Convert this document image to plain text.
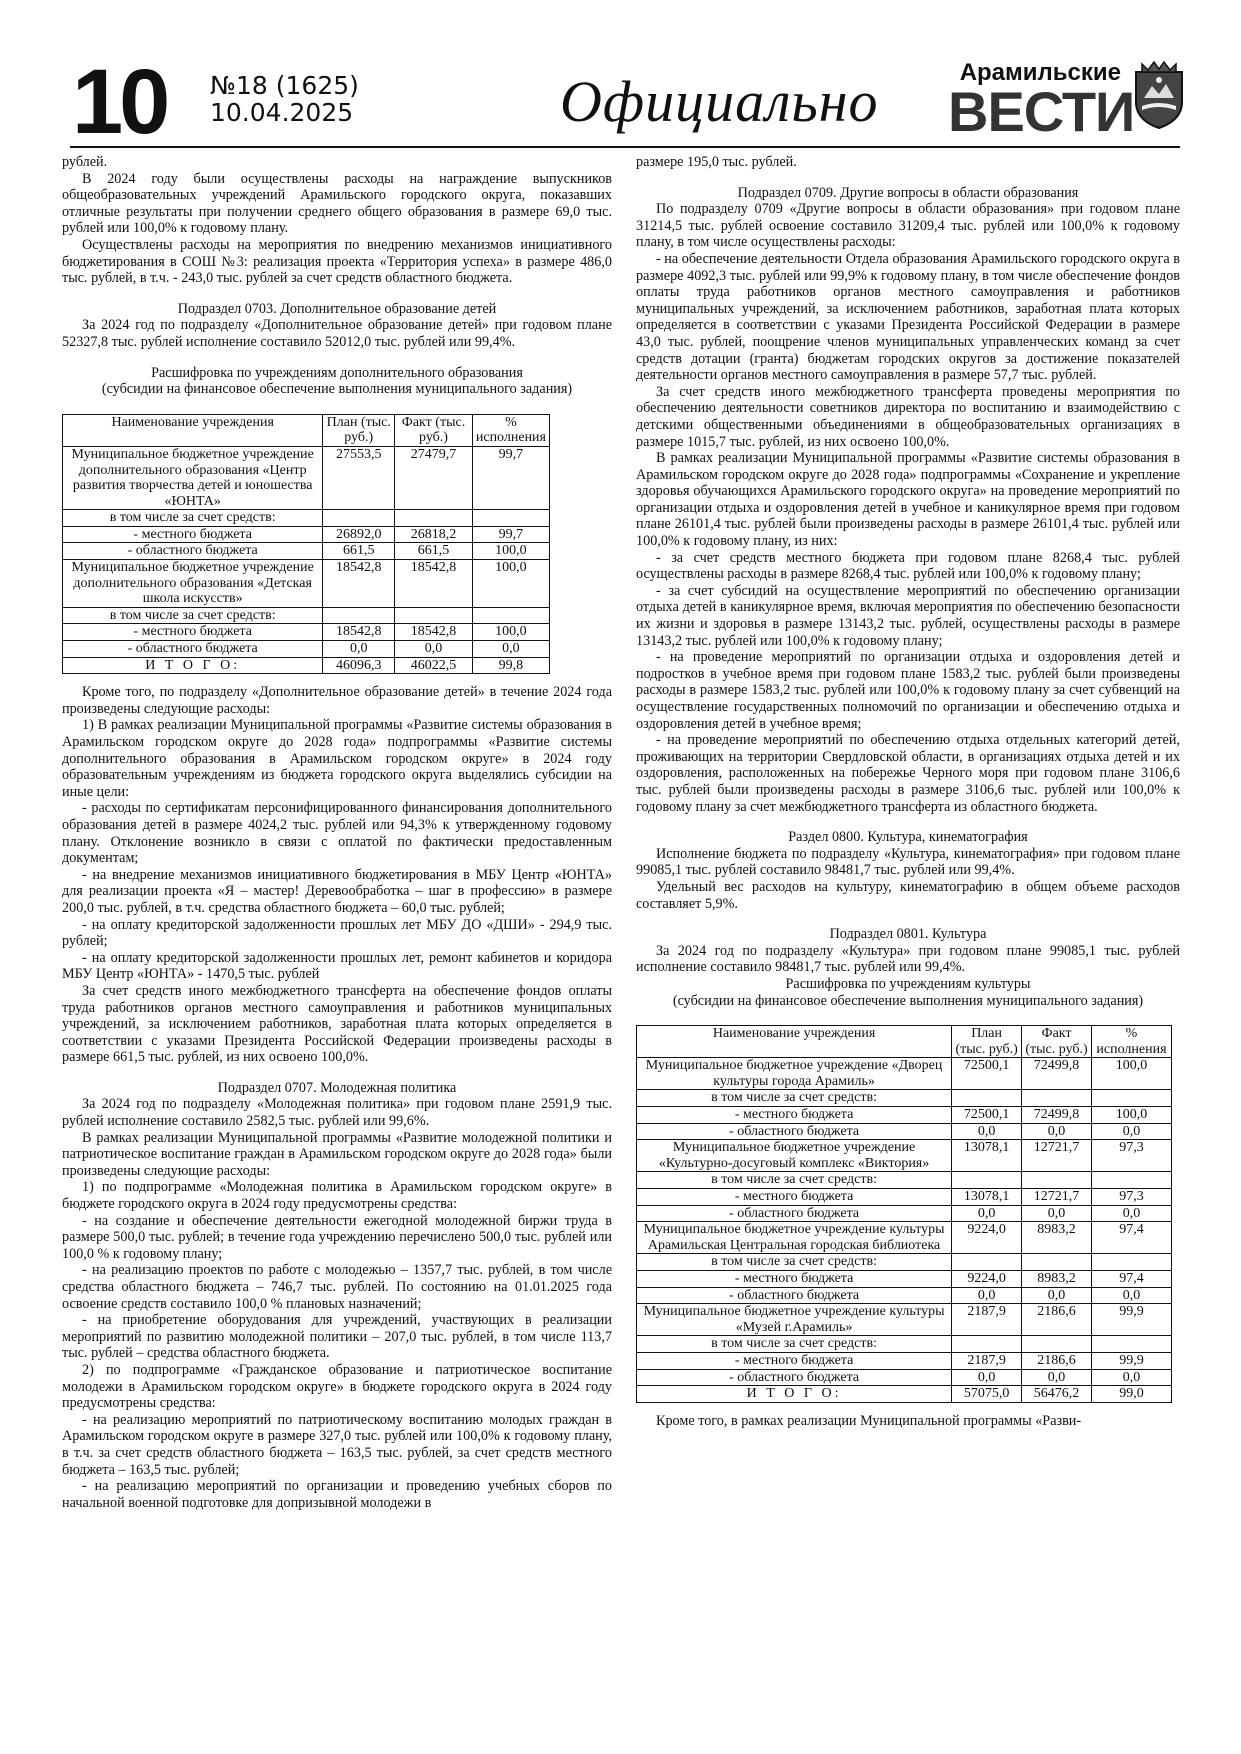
10 №18 (1625)
10.04.2025	Официально	Арамильские
ВЕСТИ

рублей.

В 2024 году были осуществлены расходы на награждение выпускников общеобразовательных учреждений Арамильского городского округа, показавших отличные результаты при получении среднего общего образования в размере 69,0 тыс. рублей или 100,0% к годовому плану.

Осуществлены расходы на мероприятия по внедрению механизмов инициативного бюджетирования в СОШ №3: реализация проекта «Территория успеха» в размере 486,0 тыс. рублей, в т.ч. - 243,0 тыс. рублей за счет средств областного бюджета.

Подраздел 0703. Дополнительное образование детей

За 2024 год по подразделу «Дополнительное образование детей» при годовом плане 52327,8 тыс. рублей исполнение составило 52012,0 тыс. рублей или 99,4%.

Расшифровка по учреждениям дополнительного образования

(субсидии на финансовое обеспечение выполнения муниципального задания)

Наименование учреждения	План (тыс. руб.)	Факт (тыс. руб.)	% исполнения
Муниципальное бюджетное учреждение дополнительного образования «Центр развития творчества детей и юношества «ЮНТА»	27553,5	27479,7	99,7
в том числе за счет средств:			
- местного бюджета	26892,0	26818,2	99,7
- областного бюджета	661,5	661,5	100,0
Муниципальное бюджетное учреждение дополнительного образования «Детская школа искусств»	18542,8	18542,8	100,0
в том числе за счет средств:			
- местного бюджета	18542,8	18542,8	100,0
- областного бюджета	0,0	0,0	0,0
И Т О Г О:	46096,3	46022,5	99,8

Кроме того, по подразделу «Дополнительное образование детей» в течение 2024 года произведены следующие расходы:

1) В рамках реализации Муниципальной программы «Развитие системы образования в Арамильском городском округе до 2028 года» подпрограммы «Развитие системы дополнительного образования в Арамильском городском округе» в 2024 году образовательным учреждениям из бюджета городского округа выделялись субсидии на иные цели:

- расходы по сертификатам персонифицированного финансирования дополнительного образования детей в размере 4024,2 тыс. рублей или 94,3% к утвержденному годовому плану. Отклонение возникло в связи с оплатой по фактически предоставленным документам;

- на внедрение механизмов инициативного бюджетирования в МБУ Центр «ЮНТА» для реализации проекта «Я – мастер! Деревообработка – шаг в профессию» в размере 200,0 тыс. рублей, в т.ч. средства областного бюджета – 60,0 тыс. рублей;

- на оплату кредиторской задолженности прошлых лет МБУ ДО «ДШИ» - 294,9 тыс. рублей;

- на оплату кредиторской задолженности прошлых лет, ремонт кабинетов и коридора МБУ Центр «ЮНТА» - 1470,5 тыс. рублей

За счет средств иного межбюджетного трансферта на обеспечение фондов оплаты труда работников органов местного самоуправления и работников муниципальных учреждений, за исключением работников, заработная плата которых определяется в соответствии с указами Президента Российской Федерации произведены расходы в размере 661,5 тыс. рублей, из них освоено 100,0%.

Подраздел 0707. Молодежная политика

За 2024 год по подразделу «Молодежная политика» при годовом плане 2591,9 тыс. рублей исполнение составило 2582,5 тыс. рублей или 99,6%.

В рамках реализации Муниципальной программы «Развитие молодежной политики и патриотическое воспитание граждан в Арамильском городском округе до 2028 года» были произведены следующие расходы:

1) по подпрограмме «Молодежная политика в Арамильском городском округе» в бюджете городского округа в 2024 году предусмотрены средства:

- на создание и обеспечение деятельности ежегодной молодежной биржи труда в размере 500,0 тыс. рублей; в течение года учреждению перечислено 500,0 тыс. рублей или 100,0 % к годовому плану;

- на реализацию проектов по работе с молодежью – 1357,7 тыс. рублей, в том числе средства областного бюджета – 746,7 тыс. рублей. По состоянию на 01.01.2025 года освоение средств составило 100,0 % плановых назначений;

- на приобретение оборудования для учреждений, участвующих в реализации мероприятий по развитию молодежной политики – 207,0 тыс. рублей, в том числе 113,7 тыс. рублей – средства областного бюджета.

2) по подпрограмме «Гражданское образование и патриотическое воспитание молодежи в Арамильском городском округе» в бюджете городского округа в 2024 году предусмотрены средства:

- на реализацию мероприятий по патриотическому воспитанию молодых граждан в Арамильском городском округе в размере 327,0 тыс. рублей или 100,0% к годовому плану, в т.ч. за счет средств областного бюджета – 163,5 тыс. рублей, за счет средств местного бюджета – 163,5 тыс. рублей;

- на реализацию мероприятий по организации и проведению учебных сборов по начальной военной подготовке для допризывной молодежи в

размере 195,0 тыс. рублей.

Подраздел 0709. Другие вопросы в области образования

По подразделу 0709 «Другие вопросы в области образования» при годовом плане 31214,5 тыс. рублей освоение составило 31209,4 тыс. рублей или 100,0% к годовому плану, в том числе осуществлены расходы:

- на обеспечение деятельности Отдела образования Арамильского городского округа в размере 4092,3 тыс. рублей или 99,9% к годовому плану, в том числе обеспечение фондов оплаты труда работников органов местного самоуправления и работников муниципальных учреждений, за исключением работников, заработная плата которых определяется в соответствии с указами Президента Российской Федерации в размере 43,0 тыс. рублей, поощрение членов муниципальных управленческих команд за счет средств дотации (гранта) бюджетам городских округов за достижение показателей деятельности органов местного самоуправления в размере 57,7 тыс. рублей.

За счет средств иного межбюджетного трансферта проведены мероприятия по обеспечению деятельности советников директора по воспитанию и взаимодействию с детскими общественными объединениями в общеобразовательных организациях в размере 1015,7 тыс. рублей, из них освоено 100,0%.

В рамках реализации Муниципальной программы «Развитие системы образования в Арамильском городском округе до 2028 года» подпрограммы «Сохранение и укрепление здоровья обучающихся Арамильского городского округа» на проведение мероприятий по организации отдыха и оздоровления детей в учебное и каникулярное время при годовом плане 26101,4 тыс. рублей были произведены расходы в размере 26101,4 тыс. рублей или 100,0% к годовому плану, из них:

- за счет средств местного бюджета при годовом плане 8268,4 тыс. рублей осуществлены расходы в размере 8268,4 тыс. рублей или 100,0% к годовому плану;

- за счет субсидий на осуществление мероприятий по обеспечению организации отдыха детей в каникулярное время, включая мероприятия по обеспечению безопасности их жизни и здоровья в размере 13143,2 тыс. рублей, осуществлены расходы в размере 13143,2 тыс. рублей или 100,0% к годовому плану;

- на проведение мероприятий по организации отдыха и оздоровления детей и подростков в учебное время при годовом плане 1583,2 тыс. рублей были произведены расходы в размере 1583,2 тыс. рублей или 100,0% к годовому плану за счет субвенций на осуществление государственных полномочий по организации и обеспечению отдыха и оздоровления детей в учебное время;

- на проведение мероприятий по обеспечению отдыха отдельных категорий детей, проживающих на территории Свердловской области, в организациях отдыха детей и их оздоровления, расположенных на побережье Черного моря при годовом плане 3106,6 тыс. рублей были произведены расходы в размере 3106,6 тыс. рублей или 100,0% к годовому плану за счет межбюджетного трансферта из областного бюджета.

Раздел 0800. Культура, кинематография

Исполнение бюджета по подразделу «Культура, кинематография» при годовом плане 99085,1 тыс. рублей составило 98481,7 тыс. рублей или 99,4%.

Удельный вес расходов на культуру, кинематографию в общем объеме расходов составляет 5,9%.

Подраздел 0801. Культура

За 2024 год по подразделу «Культура» при годовом плане 99085,1 тыс. рублей исполнение составило 98481,7 тыс. рублей или 99,4%.

Расшифровка по учреждениям культуры

(субсидии на финансовое обеспечение выполнения муниципального задания)

Наименование учреждения	План (тыс. руб.)	Факт (тыс. руб.)	% исполнения
Муниципальное бюджетное учреждение «Дворец культуры города Арамиль»	72500,1	72499,8	100,0
в том числе за счет средств:			
- местного бюджета	72500,1	72499,8	100,0
- областного бюджета	0,0	0,0	0,0
Муниципальное бюджетное учреждение «Культурно-досуговый комплекс «Виктория»	13078,1	12721,7	97,3
в том числе за счет средств:			
- местного бюджета	13078,1	12721,7	97,3
- областного бюджета	0,0	0,0	0,0
Муниципальное бюджетное учреждение культуры Арамильская Центральная городская библиотека	9224,0	8983,2	97,4
в том числе за счет средств:			
- местного бюджета	9224,0	8983,2	97,4
- областного бюджета	0,0	0,0	0,0
Муниципальное бюджетное учреждение культуры «Музей г.Арамиль»	2187,9	2186,6	99,9
в том числе за счет средств:			
- местного бюджета	2187,9	2186,6	99,9
- областного бюджета	0,0	0,0	0,0
И Т О Г О:	57075,0	56476,2	99,0

Кроме того, в рамках реализации Муниципальной программы «Разви-
